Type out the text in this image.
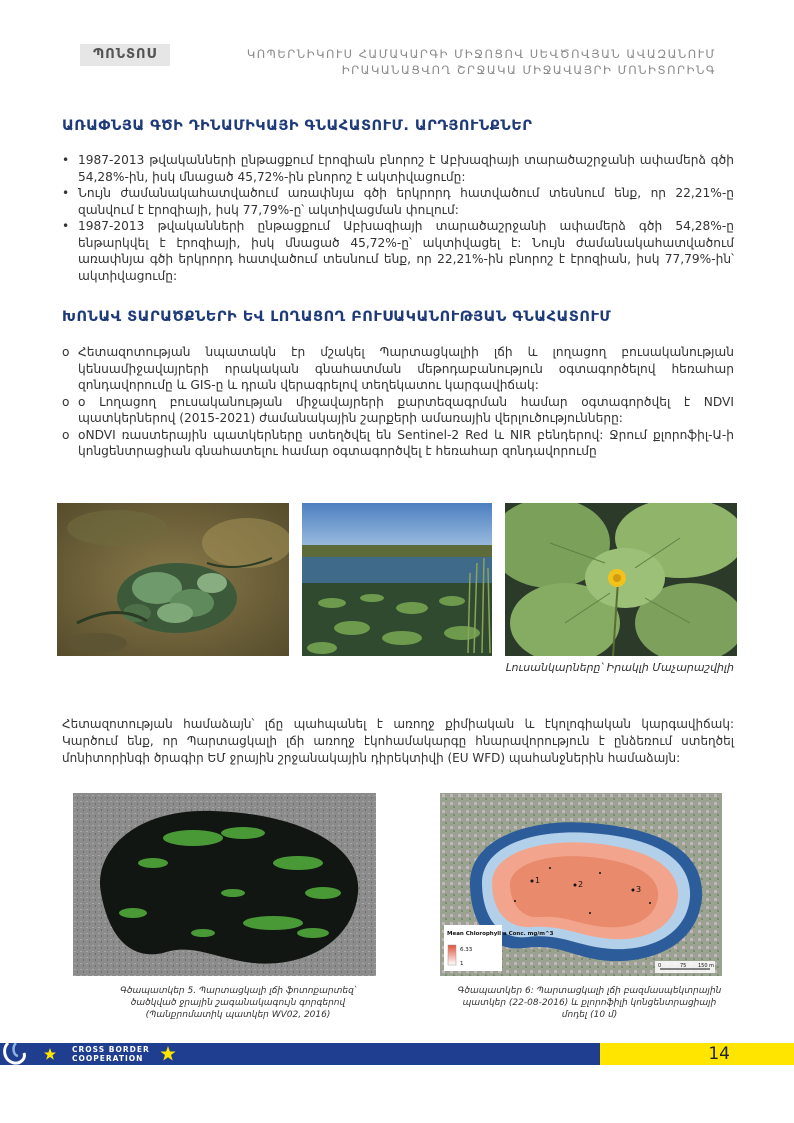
ՊՈՆՏՈՍ	ԿՈՊԵՐՆԻԿՈՒՍ ՀԱՄԱԿԱՐԳԻ ՄԻՋՈՑՈՎ ՍԵՎԾՈՎՅԱՆ ԱՎԱԶԱՆՈՒՄ
ԻՐԱԿԱՆԱՑՎՈՂ ՇՐՋԱԿԱ ՄԻՋԱՎԱՅՐԻ ՄՈՆԻՏՈՐԻՆԳ
ԱՌԱՓՆՅԱ ԳԾԻ ԴԻՆԱՄԻԿԱՅԻ ԳՆԱՀԱՏՈՒՄ. ԱՐԴՅՈՒՆՔՆԵՐ
• 1987-2013 թվականների ընթացքում էրոզիան բնորոշ է Աբխազիայի տարածաշրջանի ափամերձ գծի 54,28%-ին, իսկ մնացած 45,72%-ին բնորոշ է ակտիվացումը:
• Նույն ժամանակահատվածում առափնյա գծի երկրորդ հատվածում տեսնում ենք, որ 22,21%-ը զանվում է էրոզիայի, իսկ 77,79%-ը՝ ակտիվացման փուլում:
• 1987-2013 թվականների ընթացքում Աբխազիայի տարածաշրջանի ափամերձ գծի 54,28%-ը ենթարկվել է էրոզիայի, իսկ մնացած 45,72%-ը՝ ակտիվացել է: Նույն ժամանակահատվածում առափնյա գծի երկրորդ հատվածում տեսնում ենք, որ 22,21%-ին բնորոշ է էրոզիան, իսկ 77,79%-ին՝ ակտիվացումը:
ԽՈՆԱՎ ՏԱՐԱԾՔՆԵՐԻ ԵՎ ԼՈՂԱՑՈՂ ԲՈՒՍԱԿԱՆՈՒԹՅԱՆ ԳՆԱՀԱՏՈՒՄ
o Հետազոտության նպատակն էր մշակել Պարտացկալիի լճի և լողացող բուսականության կենսամիջավայրերի որակական գնահատման մեթոդաբանություն օգտագործելով հեռահար զոնդավորումը և GIS-ը և դրան վերագրելով տեղեկատու կարգավիճակ:
o o Լողացող բուսականության միջավայրերի քարտեզագրման համար օգտագործվել է NDVI պատկերներով (2015-2021) ժամանակային շարքերի ամառային վերլուծությունները:
o oNDVI ռաստերային պատկերները ստեղծվել են Sentinel-2 Red և NIR բենդերով: Ջրում քլորոֆիլ-Ա-ի կոնցենտրացիան գնահատելու համար օգտագործվել է հեռահար զոնդավորումը
Լուսանկարները՝ Իրակլի Մաչարաշվիլի
Հետազոտության համաձայն՝ լճը պահպանել է առողջ քիմիական և էկոլոգիական կարգավիճակ: Կարծում ենք, որ Պարտացկալի լճի առողջ էկոհամակարգը հնարավորություն է ընձեռում ստեղծել մոնիտորինգի ծրագիր ԵՄ ջրային շրջանակային դիրեկտիվի (EU WFD) պահանջներին համաձայն:
Գծապատկեր 5. Պարտացկալի լճի ֆոտոքարտեզ՝ ծածկված ջրային շագանակագույն գորգերով (Պանքրոմատիկ պատկեր WV02, 2016)
1	2
3
Mean Chlorophyll a Conc. mg/m^3
6.33
1	0	75 150 m
Գծապատկեր 6: Պարտացկալի լճի բազմասպեկտրային պատկեր (22-08-2016) և քլորոֆիլի կոնցենտրացիայի մոդել (10 մ)
CROSS BORDER
COOPERATION	14
